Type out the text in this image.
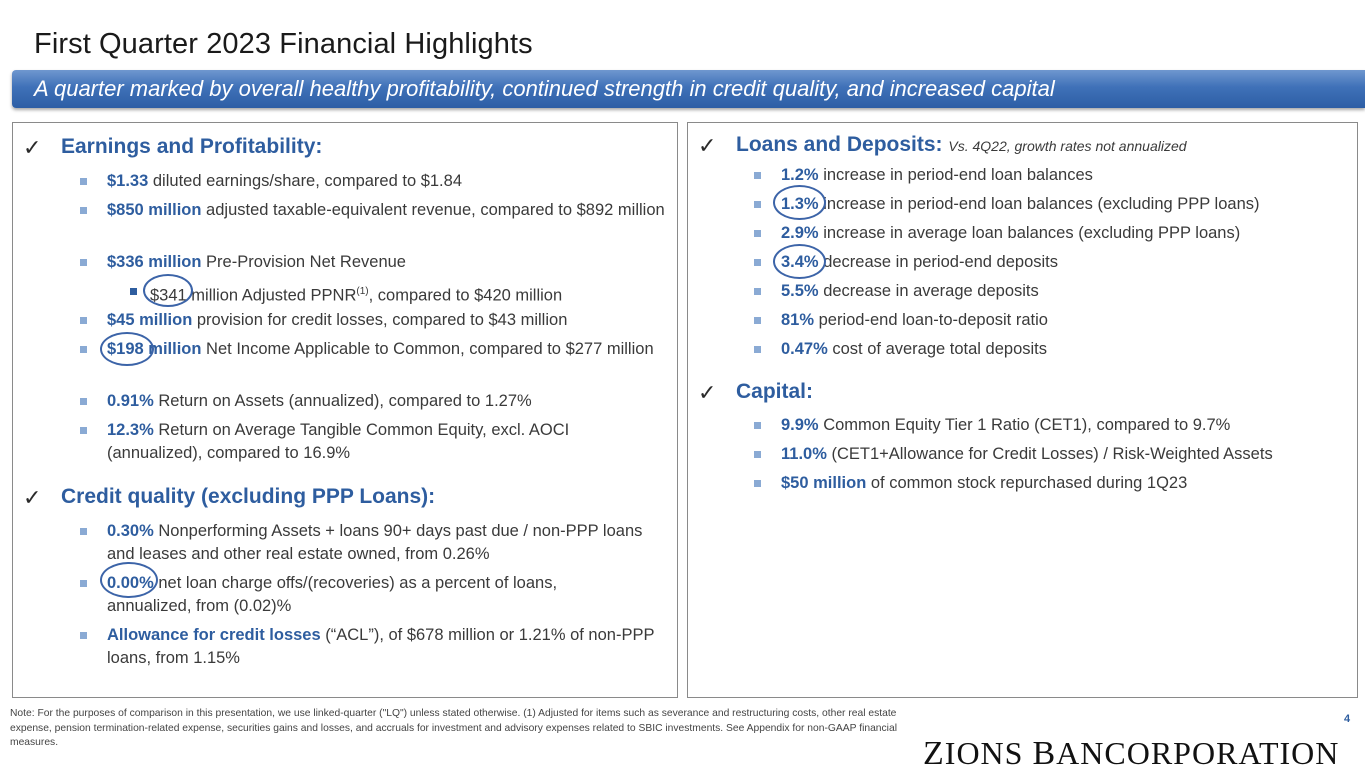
First Quarter 2023 Financial Highlights
A quarter marked by overall healthy profitability, continued strength in credit quality, and increased capital
✓ Earnings and Profitability:
$1.33 diluted earnings/share, compared to $1.84
$850 million adjusted taxable-equivalent revenue, compared to $892 million
$336 million Pre-Provision Net Revenue
$341 million Adjusted PPNR$^{(1)}$, compared to $420 million
$45 million provision for credit losses, compared to $43 million
$198 million Net Income Applicable to Common, compared to $277 million
0.91% Return on Assets (annualized), compared to 1.27%
12.3% Return on Average Tangible Common Equity, excl. AOCI (annualized), compared to 16.9%
✓ Credit quality (excluding PPP Loans):
0.30% Nonperforming Assets + loans 90+ days past due / non-PPP loans and leases and other real estate owned, from 0.26%
0.00% net loan charge offs/(recoveries) as a percent of loans, annualized, from (0.02)%
Allowance for credit losses (“ACL”), of $678 million or 1.21% of non-PPP loans, from 1.15%
✓ Loans and Deposits: Vs. 4Q22, growth rates not annualized
1.2% increase in period-end loan balances
1.3% increase in period-end loan balances (excluding PPP loans)
2.9% increase in average loan balances (excluding PPP loans)
3.4% decrease in period-end deposits
5.5% decrease in average deposits
81% period-end loan-to-deposit ratio
0.47% cost of average total deposits
✓ Capital:
9.9% Common Equity Tier 1 Ratio (CET1), compared to 9.7%
11.0% (CET1+Allowance for Credit Losses) / Risk-Weighted Assets
$50 million of common stock repurchased during 1Q23
Note: For the purposes of comparison in this presentation, we use linked-quarter ("LQ") unless stated otherwise. (1) Adjusted for items such as severance and restructuring costs, other real estate expense, pension termination-related expense, securities gains and losses, and accruals for investment and advisory expenses related to SBIC investments. See Appendix for non-GAAP financial measures.
4
ZIONS BANCORPORATION
